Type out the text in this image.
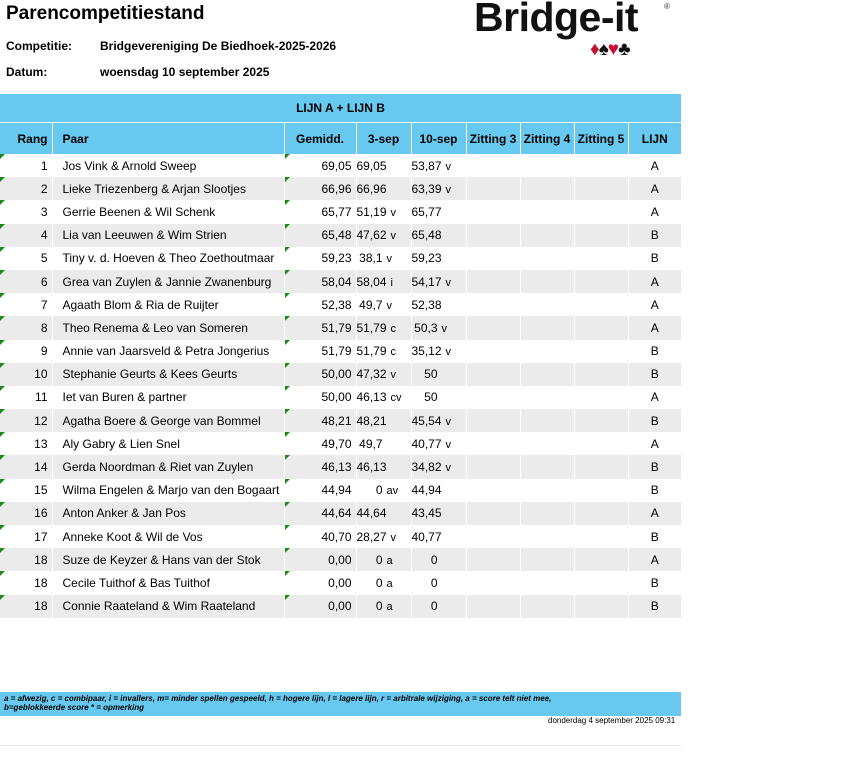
Parencompetitiestand
Competitie: Bridgevereniging De Biedhoek-2025-2026
Datum:	woensdag 10 september 2025
Bridge-it	®
♦♠♥♣
LIJN A + LIJN B
Rang	Paar	Gemidd.	3-sep	10-sep	Zitting 3	Zitting 4	Zitting 5	LIJN

1	Jos Vink & Arnold Sweep	69,05	69,05	53,87 v				A

2	Lieke Triezenberg & Arjan Slootjes	66,96	66,96	63,39 v				A

3	Gerrie Beenen & Wil Schenk	65,77	51,19 v	65,77				A

4	Lia van Leeuwen & Wim Strien	65,48	47,62 v	65,48				B

5	Tiny v. d. Hoeven & Theo Zoethoutmaar	59,23	38,1 v	59,23				B

6	Grea van Zuylen & Jannie Zwanenburg	58,04	58,04 i	54,17 v				A

7	Agaath Blom & Ria de Ruijter	52,38	49,7 v	52,38				A

8	Theo Renema & Leo van Someren	51,79	51,79 c	50,3 v				A

9	Annie van Jaarsveld & Petra Jongerius	51,79	51,79 c	35,12 v				B

10	Stephanie Geurts & Kees Geurts	50,00	47,32 v	50				B

11	Iet van Buren & partner	50,00	46,13 cv	50				A

12	Agatha Boere & George van Bommel	48,21	48,21	45,54 v				B

13	Aly Gabry & Lien Snel	49,70	49,7	40,77 v				A

14	Gerda Noordman & Riet van Zuylen	46,13	46,13	34,82 v				B

15	Wilma Engelen & Marjo van den Bogaart	44,94	0 av	44,94				B

16	Anton Anker & Jan Pos	44,64	44,64	43,45				A

17	Anneke Koot & Wil de Vos	40,70	28,27 v	40,77				B

18	Suze de Keyzer & Hans van der Stok	0,00	0 a	0				A

18	Cecile Tuithof & Bas Tuithof	0,00	0 a	0				B

18	Connie Raateland & Wim Raateland	0,00	0 a	0				B
a = afwezig, c = combipaar, i = invallers, m= minder spellen gespeeld, h = hogere lijn, l = lagere lijn, r = arbitrale wijziging, a = score telt niet mee,
b=geblokkeerde score * = opmerking
donderdag 4 september 2025 09:31
